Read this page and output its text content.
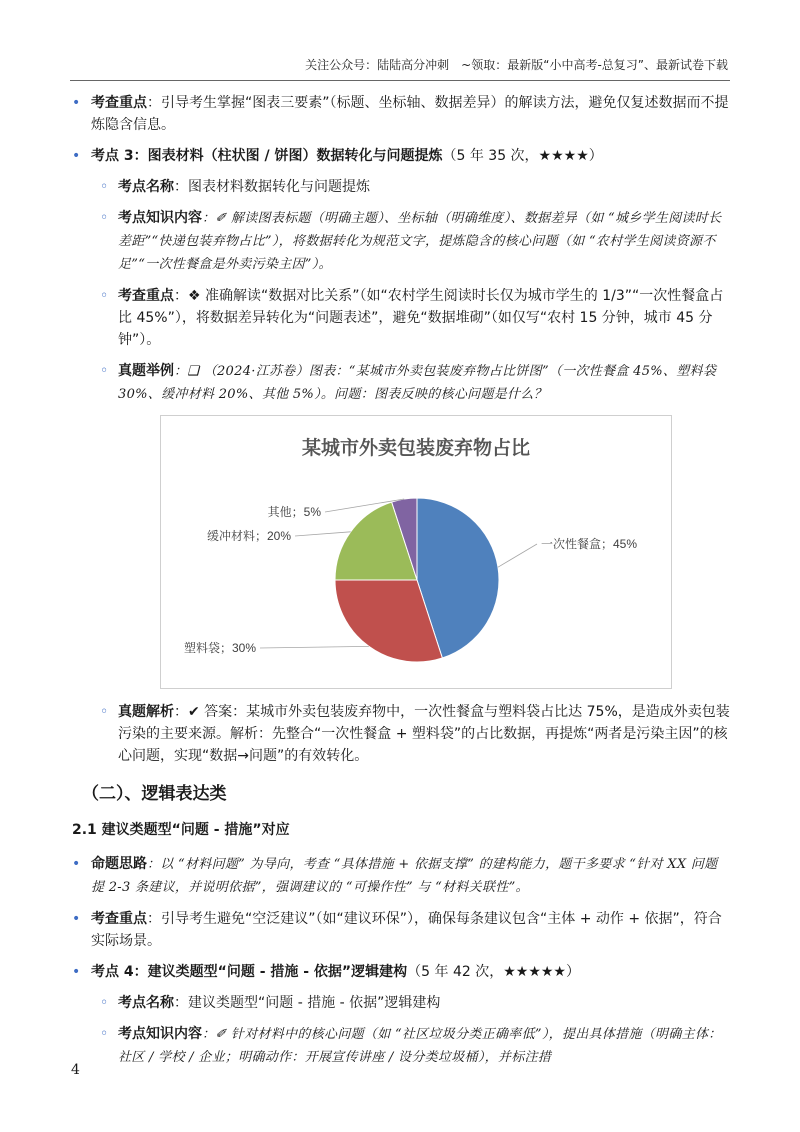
关注公众号：陆陆高分冲刺　~领取：最新版“小中高考-总复习”、最新试卷下载
• 考查重点：引导考生掌握“图表三要素”（标题、坐标轴、数据差异）的解读方法，避免仅复述数据而不提炼隐含信息。
• 考点 3：图表材料（柱状图 / 饼图）数据转化与问题提炼（5 年 35 次，★★★★）
◦ 考点名称：图表材料数据转化与问题提炼
◦ 考点知识内容：✐ 解读图表标题（明确主题）、坐标轴（明确维度）、数据差异（如 “城乡学生阅读时长差距”“快递包装弃物占比”），将数据转化为规范文字，提炼隐含的核心问题（如 “农村学生阅读资源不足”“一次性餐盒是外卖污染主因”）。
◦ 考查重点：❖ 准确解读“数据对比关系”（如“农村学生阅读时长仅为城市学生的 1/3”“一次性餐盒占比 45%”），将数据差异转化为“问题表述”，避免“数据堆砌”（如仅写“农村 15 分钟，城市 45 分钟”）。
◦ 真题举例：❑ （2024·江苏卷）图表：“某城市外卖包装废弃物占比饼图”（一次性餐盒 45%、塑料袋 30%、缓冲材料 20%、其他 5%）。问题：图表反映的核心问题是什么？
某城市外卖包装废弃物占比
一次性餐盒；45%
塑料袋；30%
缓冲材料；20%
其他；5%
◦ 真题解析：✔ 答案：某城市外卖包装废弃物中，一次性餐盒与塑料袋占比达 75%，是造成外卖包装污染的主要来源。解析：先整合“一次性餐盒 + 塑料袋”的占比数据，再提炼“两者是污染主因”的核心问题，实现“数据→问题”的有效转化。
（二）、逻辑表达类
2.1 建议类题型“问题 - 措施”对应
• 命题思路：以 “材料问题” 为导向，考查 “具体措施 + 依据支撑” 的建构能力，题干多要求 “针对 XX 问题提 2-3 条建议，并说明依据”，强调建议的 “可操作性” 与 “材料关联性”。
• 考查重点：引导考生避免“空泛建议”（如“建议环保”），确保每条建议包含“主体 + 动作 + 依据”，符合实际场景。
• 考点 4：建议类题型“问题 - 措施 - 依据”逻辑建构（5 年 42 次，★★★★★）
◦ 考点名称：建议类题型“问题 - 措施 - 依据”逻辑建构
◦ 考点知识内容：✐ 针对材料中的核心问题（如 “社区垃圾分类正确率低”），提出具体措施（明确主体：社区 / 学校 / 企业；明确动作：开展宣传讲座 / 设分类垃圾桶），并标注措
4
